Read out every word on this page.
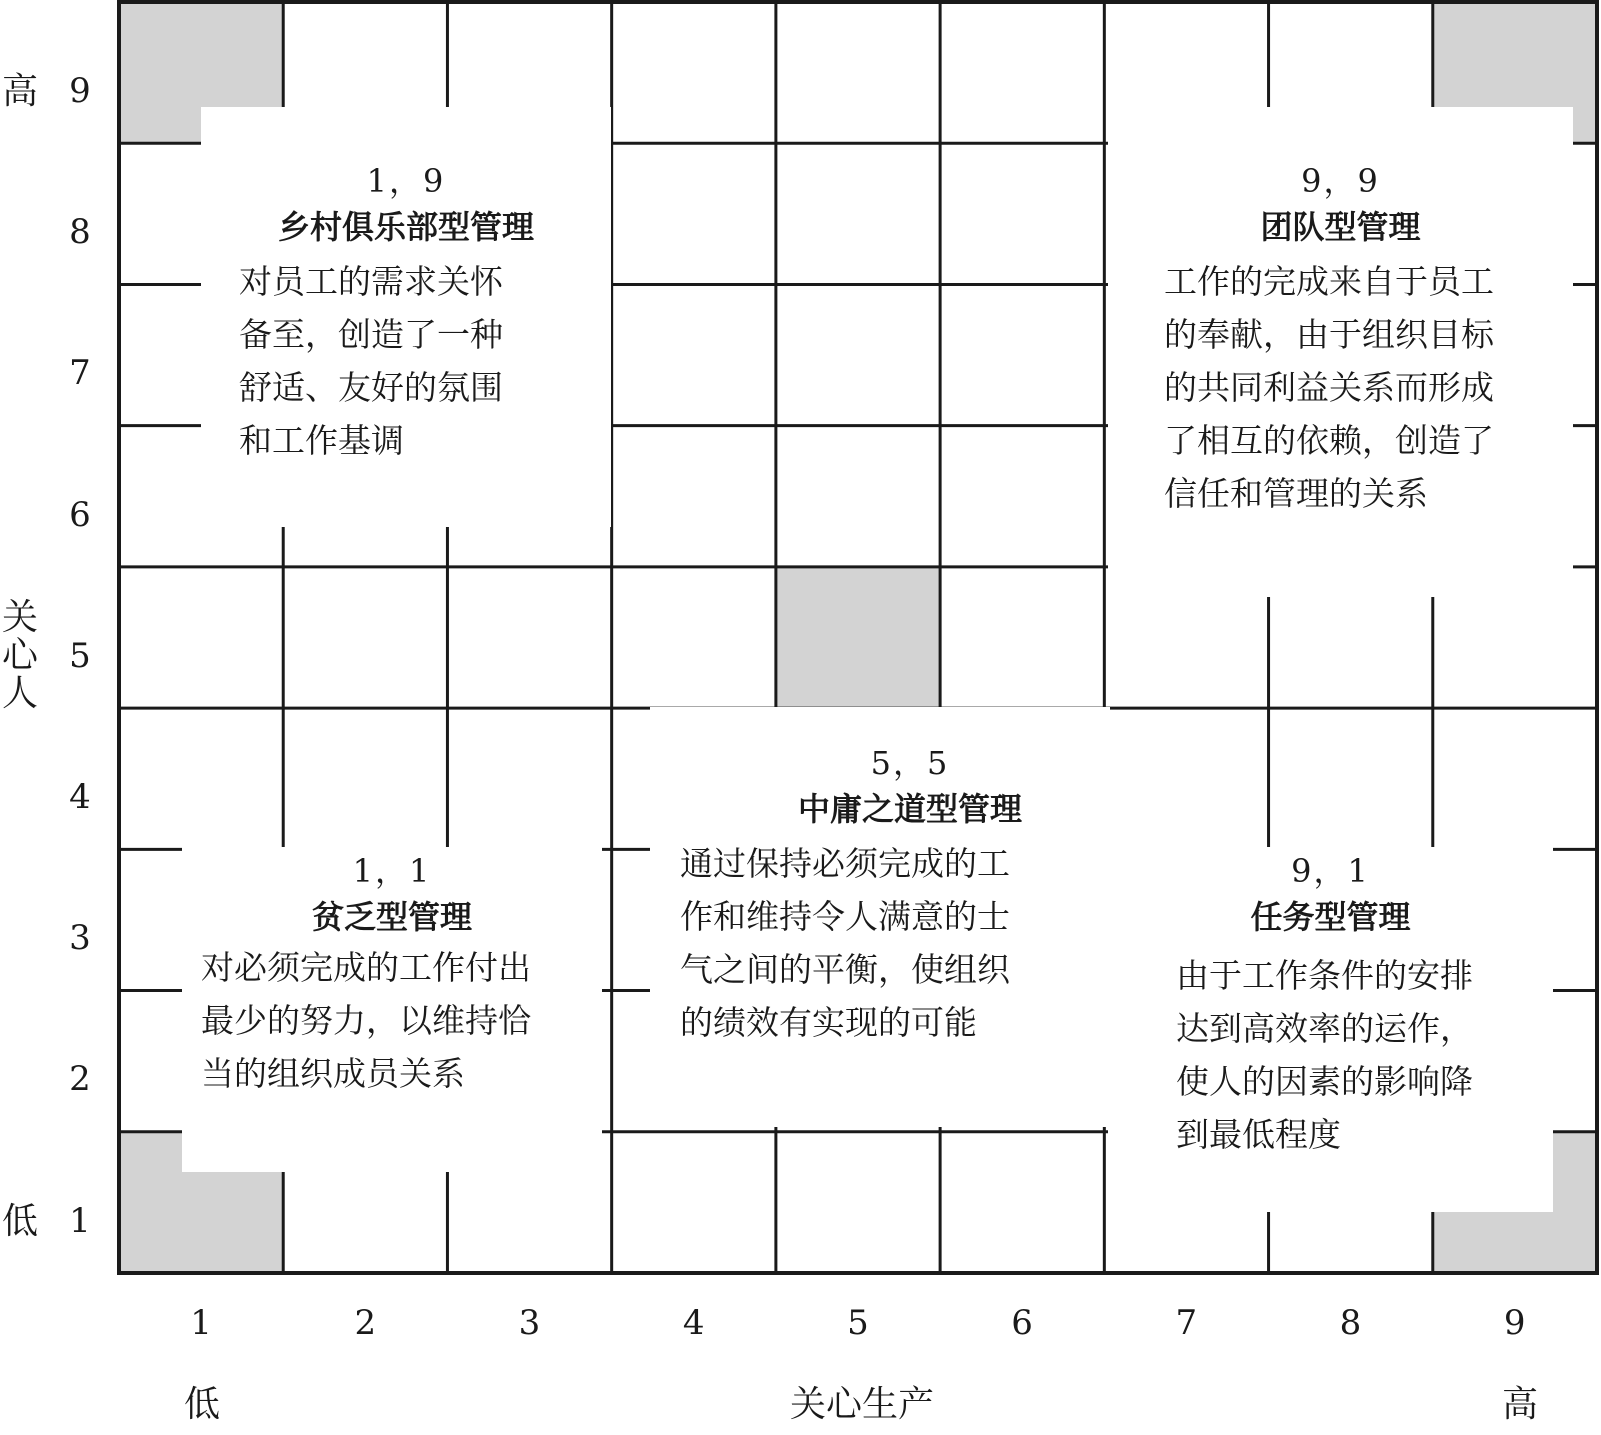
高
低
关
心
人
9
8
7
6
5
4
3
2
1
1	2	3	4	5	6	7	8	9
低	关心生产	高
1，9
乡村俱乐部型管理
对员工的需求关怀
备至，创造了一种
舒适、友好的氛围
和工作基调
9，9
团队型管理
工作的完成来自于员工
的奉献，由于组织目标
的共同利益关系而形成
了相互的依赖，创造了
信任和管理的关系
5，5
中庸之道型管理
通过保持必须完成的工
作和维持令人满意的士
气之间的平衡，使组织
的绩效有实现的可能
1，1
贫乏型管理
对必须完成的工作付出
最少的努力，以维持恰
当的组织成员关系
9，1
任务型管理
由于工作条件的安排
达到高效率的运作，
使人的因素的影响降
到最低程度
